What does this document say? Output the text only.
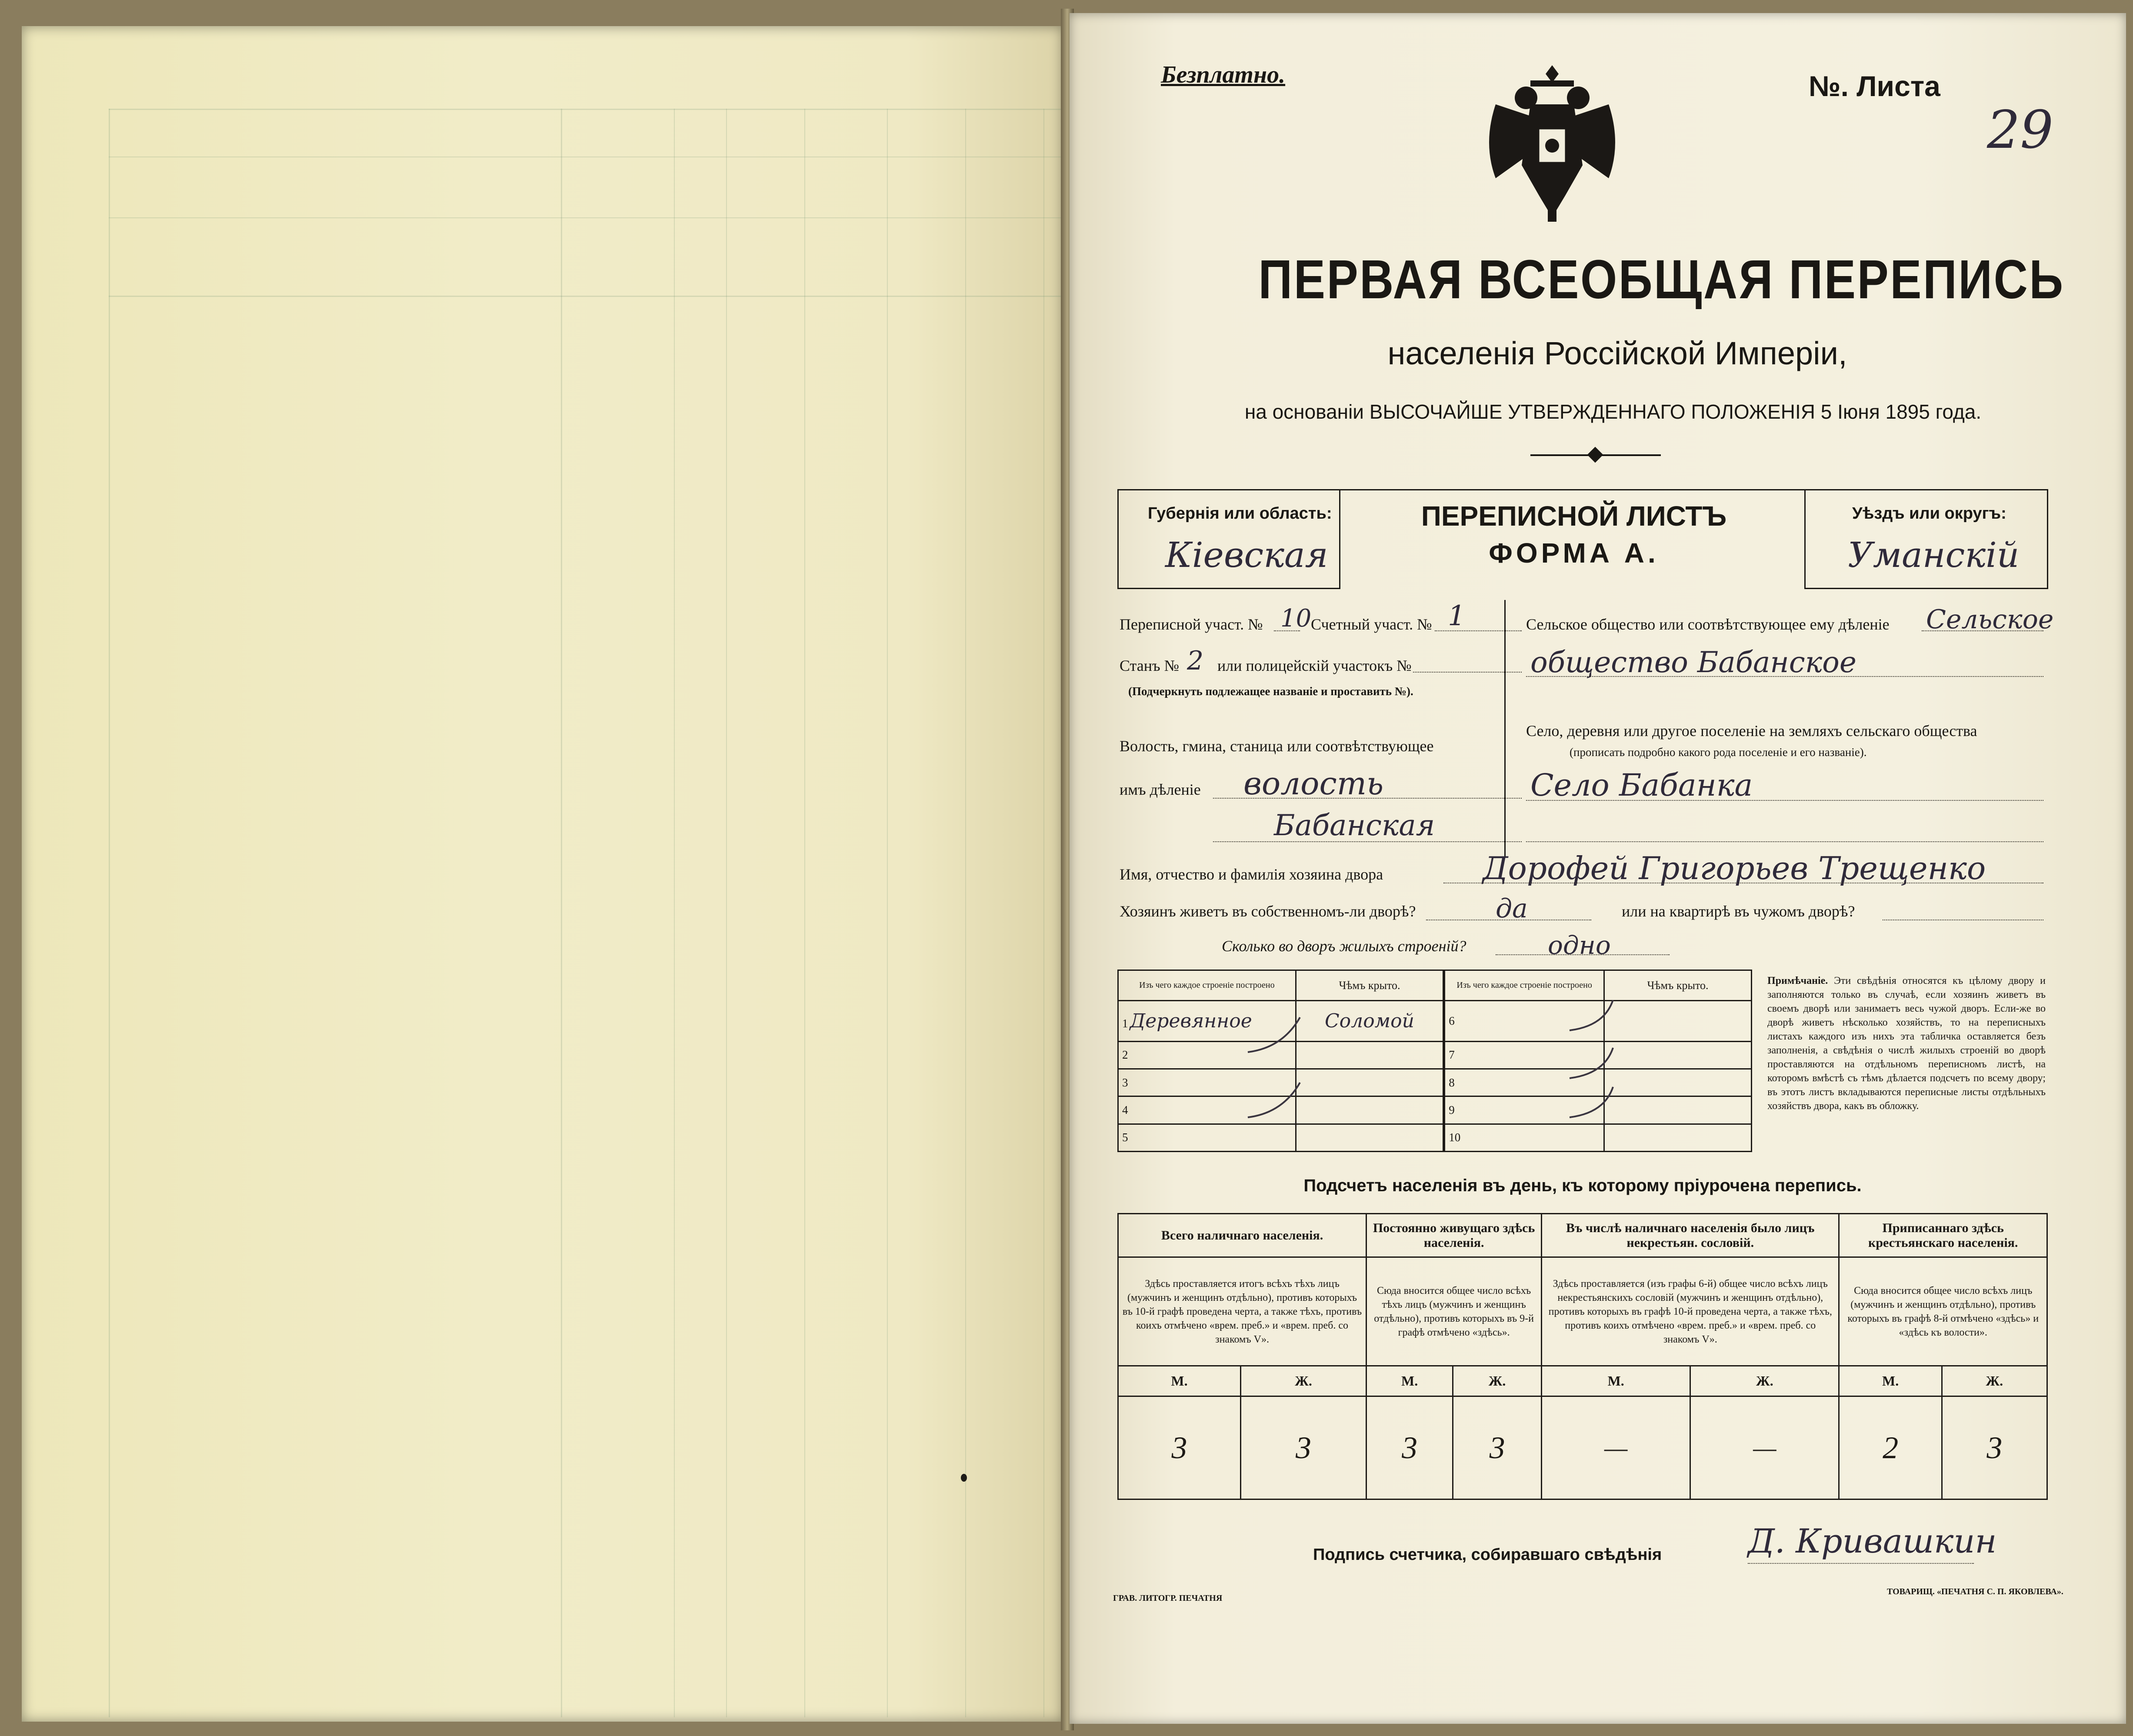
Безплатно.	№. Листа
29
ПЕРВАЯ ВСЕОБЩАЯ ПЕРЕПИСЬ
населенія Россійской Имперіи,
на основаніи ВЫСОЧАЙШЕ УТВЕРЖДЕННАГО ПОЛОЖЕНІЯ 5 Іюня 1895 года.
Губернія или область:
Кіевская
ПЕРЕПИСНОЙ ЛИСТЪ
ФОРМА А.
Уѣздъ или округъ:
Уманскій
Переписной участ. № 10
Счетный участ. № 1
Станъ № 2 или полицейскій участокъ №
(Подчеркнуть подлежащее названіе и проставить №).
Волость, гмина, станица или соотвѣтствующее
имъ дѣленіе волость
Бабанская
Сельское общество или соотвѣтствующее ему дѣленіе Сельское
общество Бабанское
Село, деревня или другое поселеніе на земляхъ сельскаго общества
(прописать подробно какого рода поселеніе и его названіе).
Село Бабанка
Имя, отчество и фамилія хозяина двора	Дорофей Григорьев Трещенко
Хозяинъ живетъ въ собственномъ-ли дворѣ?	да	или на квартирѣ въ чужомъ дворѣ?
Сколько во дворъ жилыхъ строеній?	одно
Изъ чего каждое строеніе построено	Чѣмъ крыто.	Изъ чего каждое строеніе построено	Чѣмъ крыто.
1 Деревянное	Соломой	6	
2		7	
3		8	
4		9	
5		10	
Примѣчаніе. Эти свѣдѣнія относятся къ цѣлому двору и заполняются только въ случаѣ, если хозяинъ живетъ въ своемъ дворѣ или занимаетъ весь чужой дворъ. Если-же во дворѣ живетъ нѣсколько хозяйствъ, то на переписныхъ листахъ каждого изъ нихъ эта табличка оставляется безъ заполненія, а свѣдѣнія о числѣ жилыхъ строеній во дворѣ проставляются на отдѣльномъ переписномъ листѣ, на которомъ вмѣстѣ съ тѣмъ дѣлается подсчетъ по всему двору; въ этотъ листъ вкладываются переписные листы отдѣльныхъ хозяйствъ двора, какъ въ обложку.
Подсчетъ населенія въ день, къ которому пріурочена перепись.
Всего наличнаго населенія.		Постоянно живущаго здѣсь населенія.		Въ числѣ наличнаго населенія было лицъ некрестьян. сословій.		Приписаннаго здѣсь крестьянскаго населенія.	
Здѣсь проставляется итогъ всѣхъ тѣхъ лицъ (мужчинъ и женщинъ отдѣльно), противъ которыхъ въ 10-й графѣ проведена черта, а также тѣхъ, противъ коихъ отмѣчено «врем. преб.» и «врем. преб. со знакомъ V».		Сюда вносится общее число всѣхъ тѣхъ лицъ (мужчинъ и женщинъ отдѣльно), противъ которыхъ въ 9-й графѣ отмѣчено «здѣсь».		Здѣсь проставляется (изъ графы 6-й) общее число всѣхъ лицъ некрестьянскихъ сословій (мужчинъ и женщинъ отдѣльно), противъ которыхъ въ графѣ 10-й проведена черта, а также тѣхъ, противъ коихъ отмѣчено «врем. преб.» и «врем. преб. со знакомъ V».		Сюда вносится общее число всѣхъ лицъ (мужчинъ и женщинъ отдѣльно), противъ которыхъ въ графѣ 8-й отмѣчено «здѣсь» и «здѣсь къ волости».	
М.	Ж.	М.	Ж.	М.	Ж.	М.	Ж.
3	3	3	3	—	—	2	3
Подпись счетчика, собиравшаго свѣдѣнія	Д. Кривашкин
ГРАВ. ЛИТОГР. ПЕЧАТНЯ
ТОВАРИЩ. «ПЕЧАТНЯ С. П. ЯКОВЛЕВА».
